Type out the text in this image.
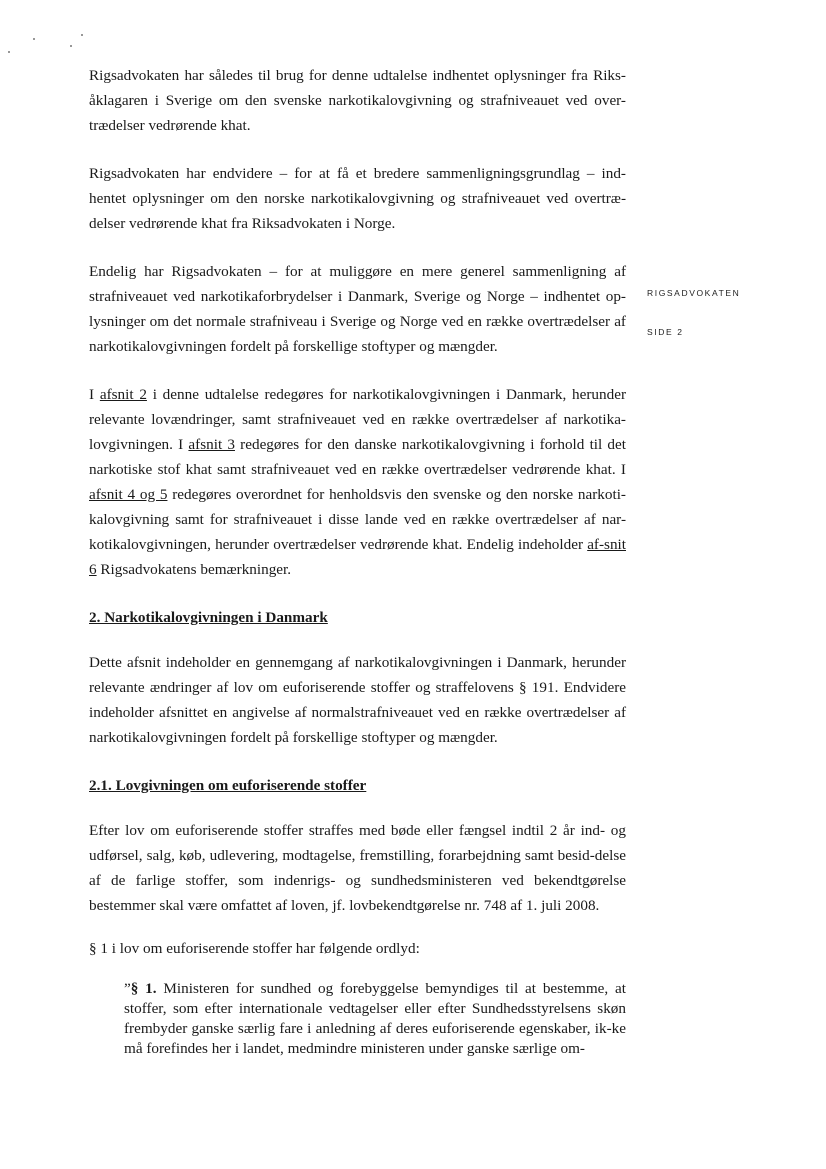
RIGSADVOKATEN
SIDE 2

Rigsadvokaten har således til brug for denne udtalelse indhentet oplysninger fra Riks-åklagaren i Sverige om den svenske narkotikalovgivning og strafniveauet ved over-trædelser vedrørende khat.

Rigsadvokaten har endvidere – for at få et bredere sammenligningsgrundlag – ind-hentet oplysninger om den norske narkotikalovgivning og strafniveauet ved overtræ-delser vedrørende khat fra Riksadvokaten i Norge.

Endelig har Rigsadvokaten – for at muliggøre en mere generel sammenligning af strafniveauet ved narkotikaforbrydelser i Danmark, Sverige og Norge – indhentet op-lysninger om det normale strafniveau i Sverige og Norge ved en række overtrædelser af narkotikalovgivningen fordelt på forskellige stoftyper og mængder.

I afsnit 2 i denne udtalelse redegøres for narkotikalovgivningen i Danmark, herunder relevante lovændringer, samt strafniveauet ved en række overtrædelser af narkotika-lovgivningen. I afsnit 3 redegøres for den danske narkotikalovgivning i forhold til det narkotiske stof khat samt strafniveauet ved en række overtrædelser vedrørende khat. I afsnit 4 og 5 redegøres overordnet for henholdsvis den svenske og den norske narkoti-kalovgivning samt for strafniveauet i disse lande ved en række overtrædelser af nar-kotikalovgivningen, herunder overtrædelser vedrørende khat. Endelig indeholder af-snit 6 Rigsadvokatens bemærkninger.

2. Narkotikalovgivningen i Danmark

Dette afsnit indeholder en gennemgang af narkotikalovgivningen i Danmark, herunder relevante ændringer af lov om euforiserende stoffer og straffelovens § 191. Endvidere indeholder afsnittet en angivelse af normalstrafniveauet ved en række overtrædelser af narkotikalovgivningen fordelt på forskellige stoftyper og mængder.

2.1. Lovgivningen om euforiserende stoffer

Efter lov om euforiserende stoffer straffes med bøde eller fængsel indtil 2 år ind- og udførsel, salg, køb, udlevering, modtagelse, fremstilling, forarbejdning samt besid-delse af de farlige stoffer, som indenrigs- og sundhedsministeren ved bekendtgørelse bestemmer skal være omfattet af loven, jf. lovbekendtgørelse nr. 748 af 1. juli 2008.

§ 1 i lov om euforiserende stoffer har følgende ordlyd:

”§ 1. Ministeren for sundhed og forebyggelse bemyndiges til at bestemme, at stoffer, som efter internationale vedtagelser eller efter Sundhedsstyrelsens skøn frembyder ganske særlig fare i anledning af deres euforiserende egenskaber, ik-ke må forefindes her i landet, medmindre ministeren under ganske særlige om-
